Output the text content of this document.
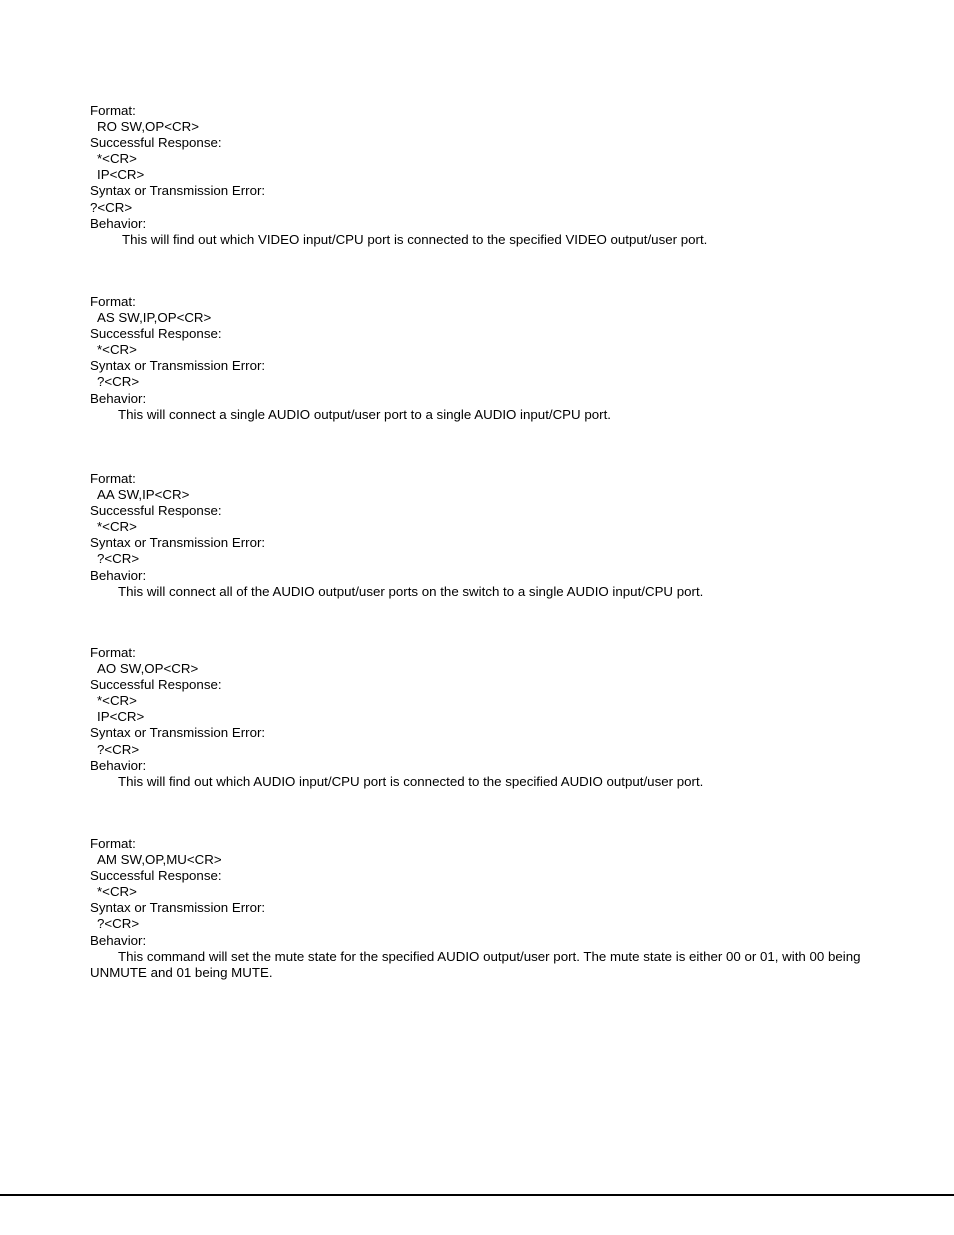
Format:
RO SW,OP<CR>
Successful Response:
*<CR>
IP<CR>
Syntax or Transmission Error:
?<CR>
Behavior:
This will find out which VIDEO input/CPU port is connected to the specified VIDEO output/user port.
Format:
AS SW,IP,OP<CR>
Successful Response:
*<CR>
Syntax or Transmission Error:
?<CR>
Behavior:
This will connect a single AUDIO output/user port to a single AUDIO input/CPU port.
Format:
AA SW,IP<CR>
Successful Response:
*<CR>
Syntax or Transmission Error:
?<CR>
Behavior:
This will connect all of the AUDIO output/user ports on the switch to a single AUDIO input/CPU port.
Format:
AO SW,OP<CR>
Successful Response:
*<CR>
IP<CR>
Syntax or Transmission Error:
?<CR>
Behavior:
This will find out which AUDIO input/CPU port is connected to the specified AUDIO output/user port.
Format:
AM SW,OP,MU<CR>
Successful Response:
*<CR>
Syntax or Transmission Error:
?<CR>
Behavior:
This command will set the mute state for the specified AUDIO output/user port. The mute state is either 00 or 01, with 00 being UNMUTE and 01 being MUTE.
